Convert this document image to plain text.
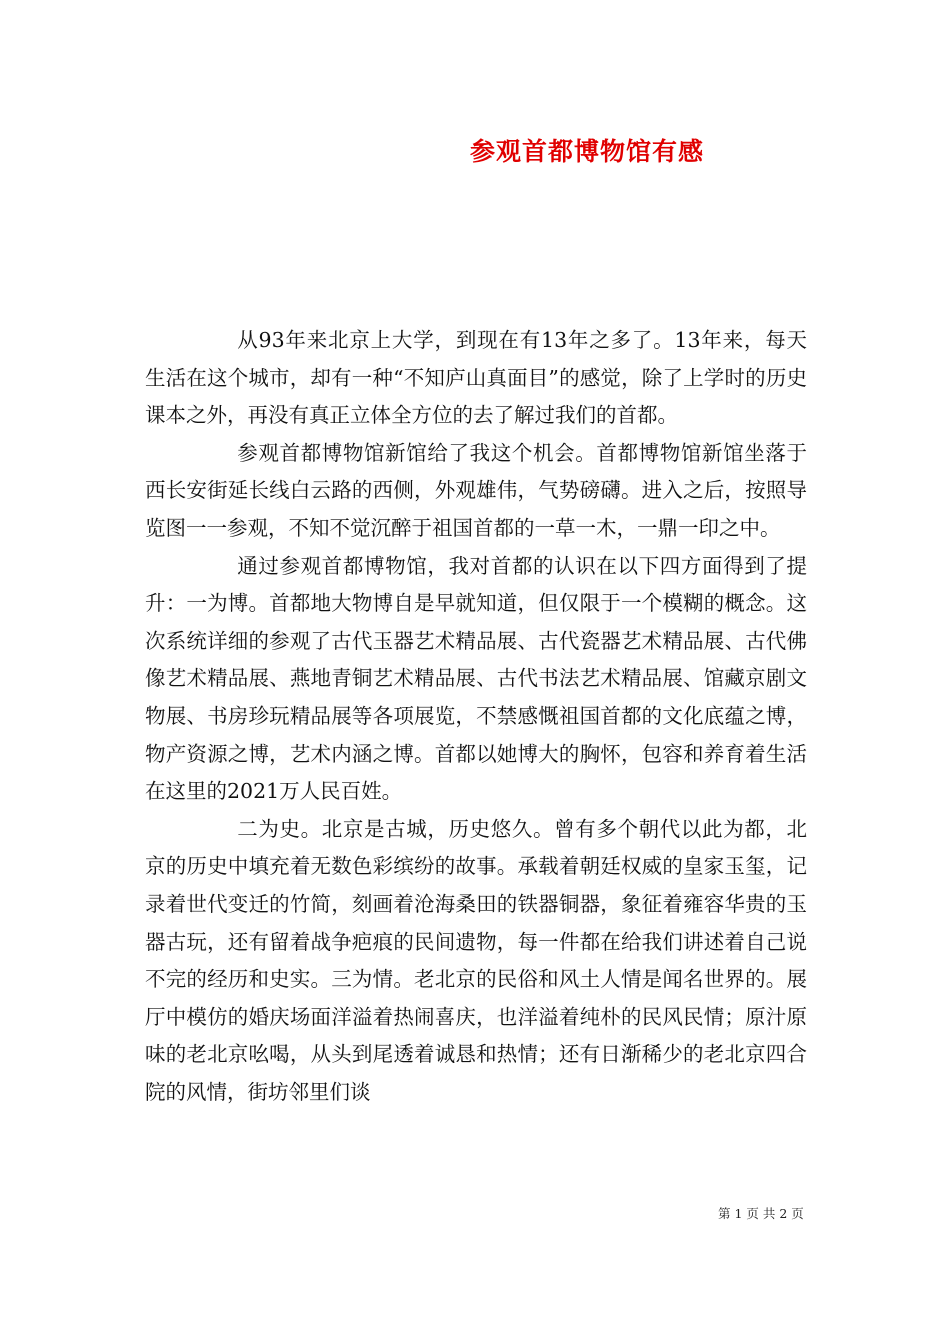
参观首都博物馆有感

从93年来北京上大学，到现在有13年之多了。13年来，每天生活在这个城市，却有一种“不知庐山真面目”的感觉，除了上学时的历史课本之外，再没有真正立体全方位的去了解过我们的首都。

参观首都博物馆新馆给了我这个机会。首都博物馆新馆坐落于西长安街延长线白云路的西侧，外观雄伟，气势磅礴。进入之后，按照导览图一一参观，不知不觉沉醉于祖国首都的一草一木，一鼎一印之中。

通过参观首都博物馆，我对首都的认识在以下四方面得到了提升：一为博。首都地大物博自是早就知道，但仅限于一个模糊的概念。这次系统详细的参观了古代玉器艺术精品展、古代瓷器艺术精品展、古代佛像艺术精品展、燕地青铜艺术精品展、古代书法艺术精品展、馆藏京剧文物展、书房珍玩精品展等各项展览，不禁感慨祖国首都的文化底蕴之博，物产资源之博，艺术内涵之博。首都以她博大的胸怀，包容和养育着生活在这里的2021万人民百姓。

二为史。北京是古城，历史悠久。曾有多个朝代以此为都，北京的历史中填充着无数色彩缤纷的故事。承载着朝廷权威的皇家玉玺，记录着世代变迁的竹简，刻画着沧海桑田的铁器铜器，象征着雍容华贵的玉器古玩，还有留着战争疤痕的民间遗物，每一件都在给我们讲述着自己说不完的经历和史实。三为情。老北京的民俗和风土人情是闻名世界的。展厅中模仿的婚庆场面洋溢着热闹喜庆，也洋溢着纯朴的民风民情；原汁原味的老北京吆喝，从头到尾透着诚恳和热情；还有日渐稀少的老北京四合院的风情，街坊邻里们谈

第 1 页 共 2 页
